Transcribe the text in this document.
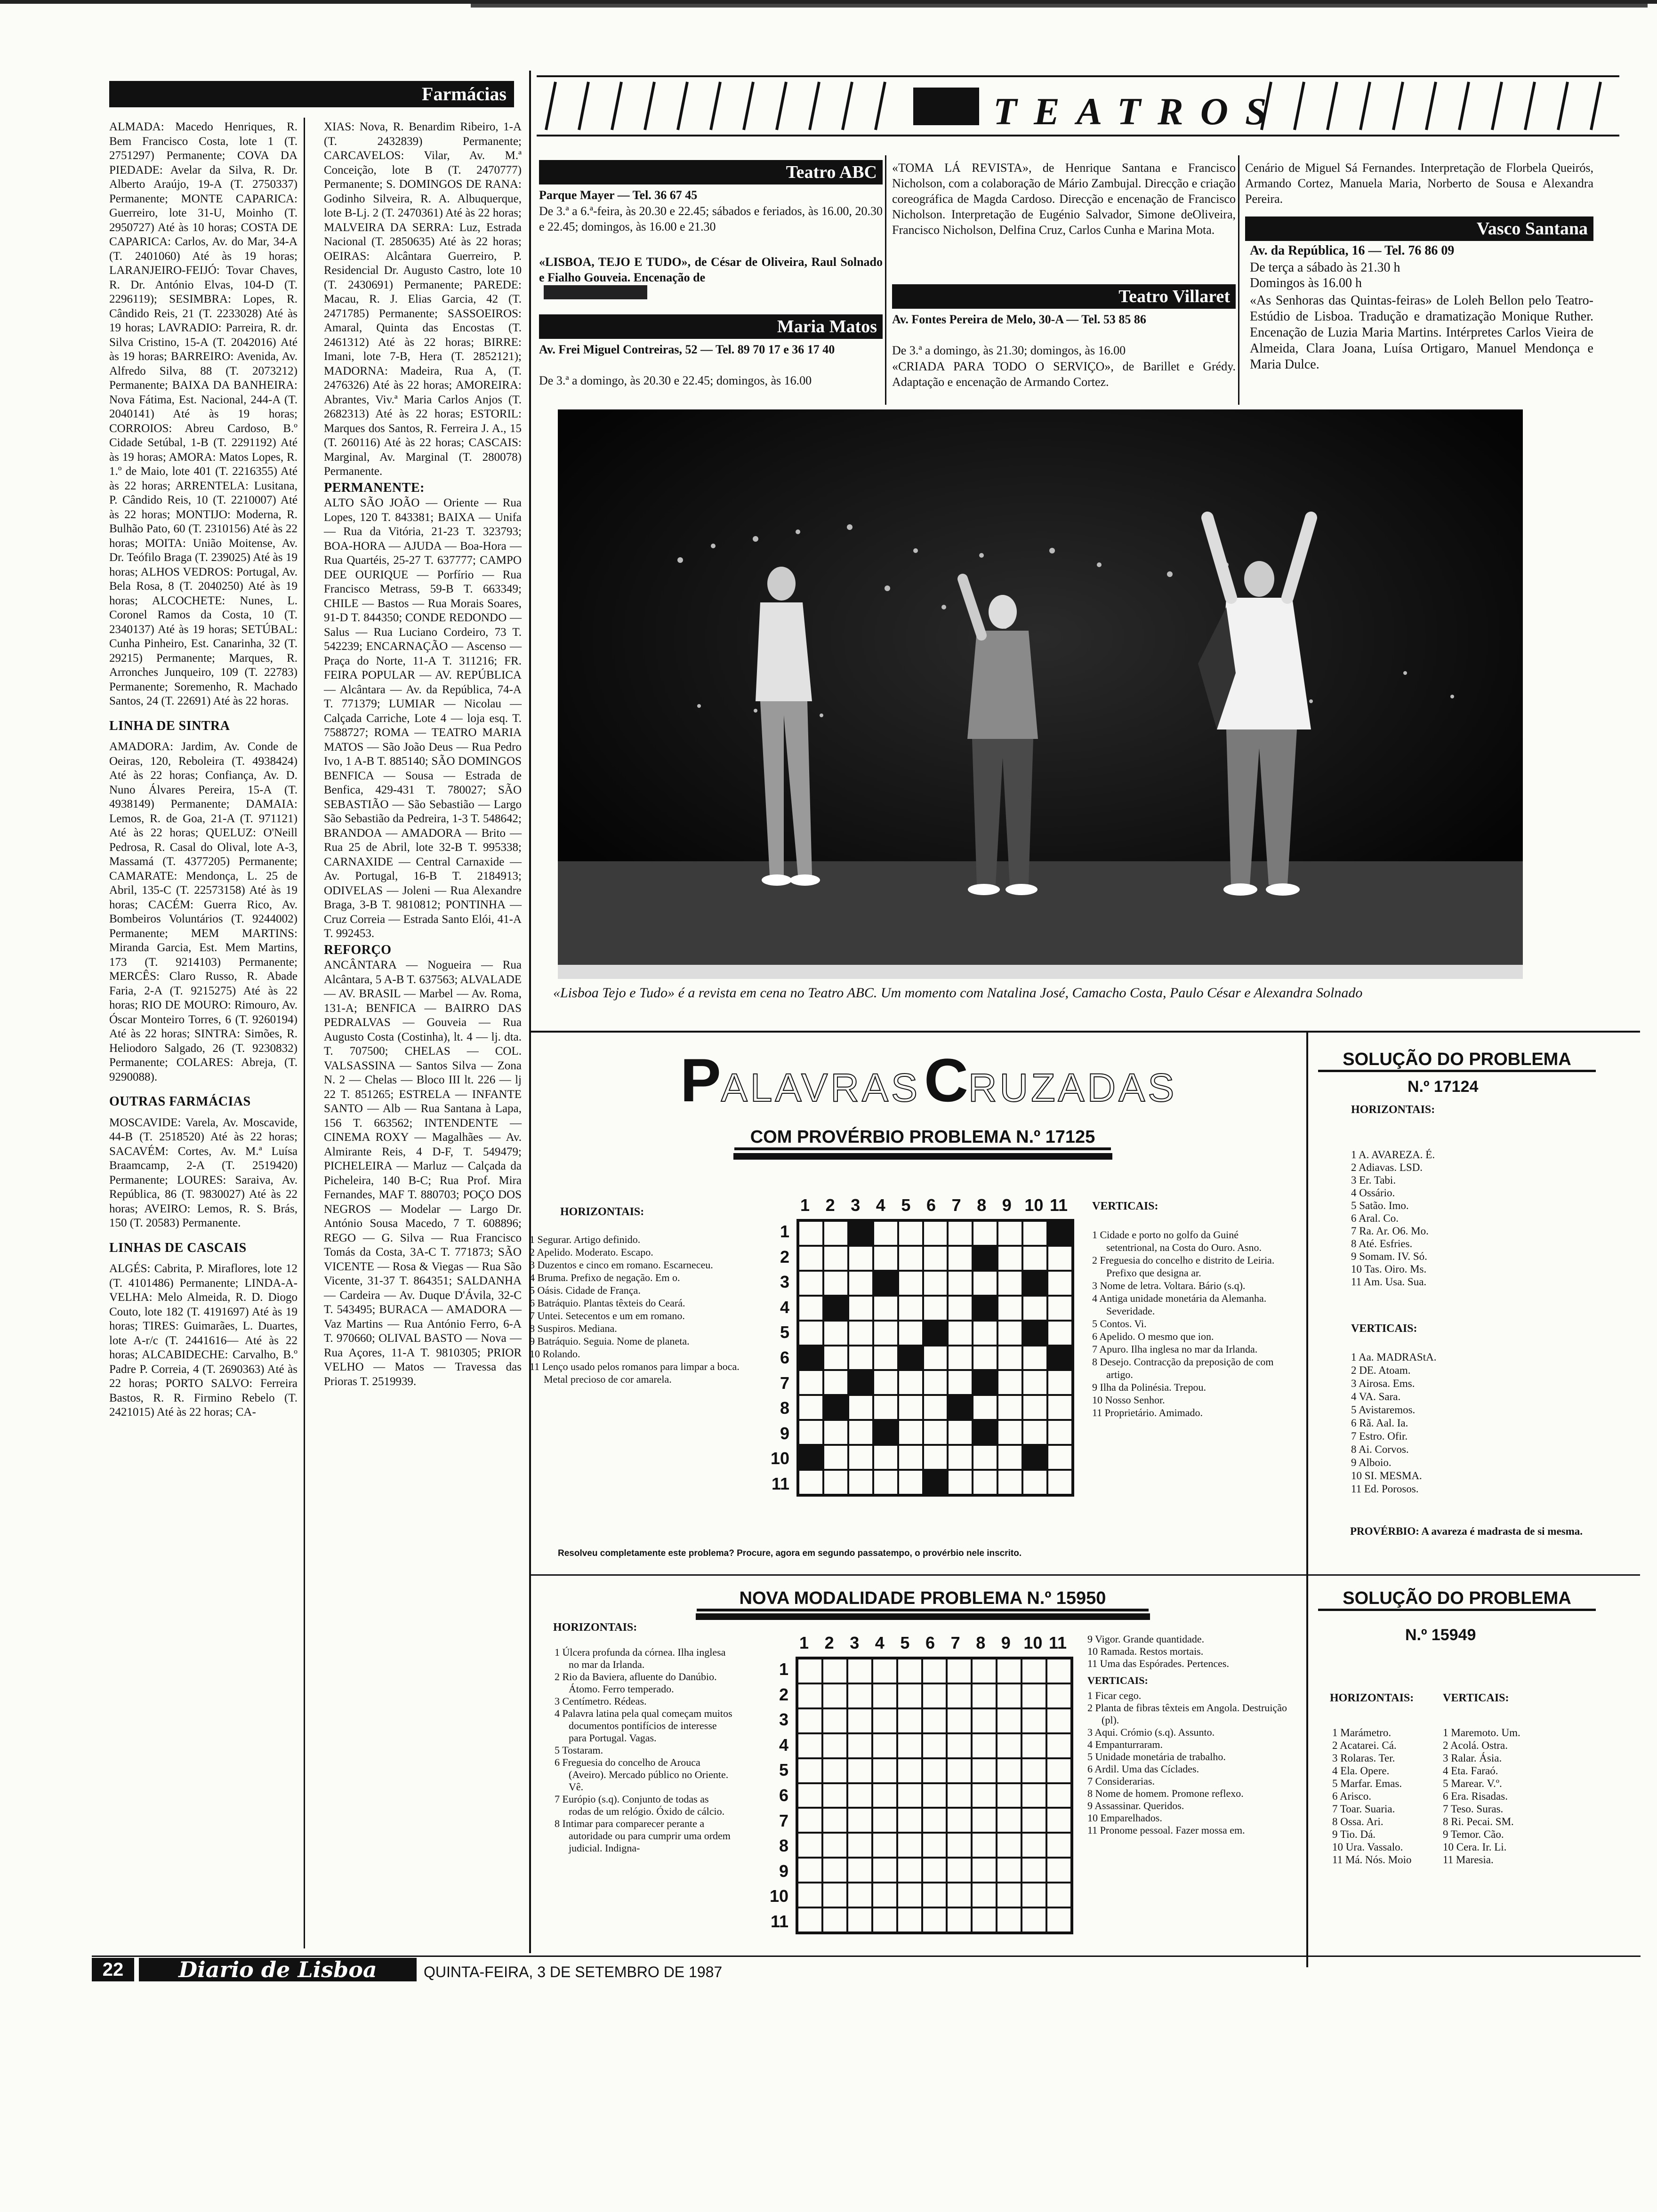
Farmácias

ALMADA: Macedo Henriques, R. Bem Francisco Costa, lote 1 (T. 2751297) Permanente; COVA DA PIEDADE: Avelar da Silva, R. Dr. Alberto Araújo, 19-A (T. 2750337) Permanente; MONTE CAPARICA: Guerreiro, lote 31-U, Moinho (T. 2950727) Até às 10 horas; COSTA DE CAPARICA: Carlos, Av. do Mar, 34-A (T. 2401060) Até às 19 horas; LARANJEIRO-FEIJÓ: Tovar Chaves, R. Dr. António Elvas, 104-D (T. 2296119); SESIMBRA: Lopes, R. Cândido Reis, 21 (T. 2233028) Até às 19 horas; LAVRADIO: Parreira, R. dr. Silva Cristino, 15-A (T. 2042016) Até às 19 horas; BARREIRO: Avenida, Av. Alfredo Silva, 88 (T. 2073212) Permanente; BAIXA DA BANHEIRA: Nova Fátima, Est. Nacional, 244-A (T. 2040141) Até às 19 horas; CORROIOS: Abreu Cardoso, B.º Cidade Setúbal, 1-B (T. 2291192) Até às 19 horas; AMORA: Matos Lopes, R. 1.º de Maio, lote 401 (T. 2216355) Até às 22 horas; ARRENTELA: Lusitana, P. Cândido Reis, 10 (T. 2210007) Até às 22 horas; MONTIJO: Moderna, R. Bulhão Pato, 60 (T. 2310156) Até às 22 horas; MOITA: União Moitense, Av. Dr. Teófilo Braga (T. 239025) Até às 19 horas; ALHOS VEDROS: Portugal, Av. Bela Rosa, 8 (T. 2040250) Até às 19 horas; ALCOCHETE: Nunes, L. Coronel Ramos da Costa, 10 (T. 2340137) Até às 19 horas; SETÚBAL: Cunha Pinheiro, Est. Canarinha, 32 (T. 29215) Permanente; Marques, R. Arronches Junqueiro, 109 (T. 22783) Permanente; Soremenho, R. Machado Santos, 24 (T. 22691) Até às 22 horas.

LINHA DE SINTRA

AMADORA: Jardim, Av. Conde de Oeiras, 120, Reboleira (T. 4938424) Até às 22 horas; Confiança, Av. D. Nuno Álvares Pereira, 15-A (T. 4938149) Permanente; DAMAIA: Lemos, R. de Goa, 21-A (T. 971121) Até às 22 horas; QUELUZ: O'Neill Pedrosa, R. Casal do Olival, lote A-3, Massamá (T. 4377205) Permanente; CAMARATE: Mendonça, L. 25 de Abril, 135-C (T. 22573158) Até às 19 horas; CACÉM: Guerra Rico, Av. Bombeiros Voluntários (T. 9244002) Permanente; MEM MARTINS: Miranda Garcia, Est. Mem Martins, 173 (T. 9214103) Permanente; MERCÊS: Claro Russo, R. Abade Faria, 2-A (T. 9215275) Até às 22 horas; RIO DE MOURO: Rimouro, Av. Óscar Monteiro Torres, 6 (T. 9260194) Até às 22 horas; SINTRA: Simões, R. Heliodoro Salgado, 26 (T. 9230832) Permanente; COLARES: Abreja, (T. 9290088).

OUTRAS FARMÁCIAS

MOSCAVIDE: Varela, Av. Moscavide, 44-B (T. 2518520) Até às 22 horas; SACAVÉM: Cortes, Av. M.ª Luísa Braamcamp, 2-A (T. 2519420) Permanente; LOURES: Saraiva, Av. República, 86 (T. 9830027) Até às 22 horas; AVEIRO: Lemos, R. S. Brás, 150 (T. 20583) Permanente.

LINHAS DE CASCAIS

ALGÉS: Cabrita, P. Miraflores, lote 12 (T. 4101486) Permanente; LINDA-A-VELHA: Melo Almeida, R. D. Diogo Couto, lote 182 (T. 4191697) Até às 19 horas; TIRES: Guimarães, L. Duartes, lote A-r/c (T. 2441616— Até às 22 horas; ALCABIDECHE: Carvalho, B.º Padre P. Correia, 4 (T. 2690363) Até às 22 horas; PORTO SALVO: Ferreira Bastos, R. R. Firmino Rebelo (T. 2421015) Até às 22 horas; CA-

XIAS: Nova, R. Benardim Ribeiro, 1-A (T. 2432839) Permanente; CARCAVELOS: Vilar, Av. M.ª Conceição, lote B (T. 2470777) Permanente; S. DOMINGOS DE RANA: Godinho Silveira, R. A. Albuquerque, lote B-Lj. 2 (T. 2470361) Até às 22 horas; MALVEIRA DA SERRA: Luz, Estrada Nacional (T. 2850635) Até às 22 horas; OEIRAS: Alcântara Guerreiro, P. Residencial Dr. Augusto Castro, lote 10 (T. 2430691) Permanente; PAREDE: Macau, R. J. Elias Garcia, 42 (T. 2471785) Permanente; SASSOEIROS: Amaral, Quinta das Encostas (T. 2461312) Até às 22 horas; BIRRE: Imani, lote 7-B, Hera (T. 2852121); MADORNA: Madeira, Rua A, (T. 2476326) Até às 22 horas; AMOREIRA: Abrantes, Viv.ª Maria Carlos Anjos (T. 2682313) Até às 22 horas; ESTORIL: Marques dos Santos, R. Ferreira J. A., 15 (T. 260116) Até às 22 horas; CASCAIS: Marginal, Av. Marginal (T. 280078) Permanente.

PERMANENTE:

ALTO SÃO JOÃO — Oriente — Rua Lopes, 120 T. 843381; BAIXA — Unifa — Rua da Vitória, 21-23 T. 323793; BOA-HORA — AJUDA — Boa-Hora — Rua Quartéis, 25-27 T. 637777; CAMPO DEE OURIQUE — Porfírio — Rua Francisco Metrass, 59-B T. 663349; CHILE — Bastos — Rua Morais Soares, 91-D T. 844350; CONDE REDONDO — Salus — Rua Luciano Cordeiro, 73 T. 542239; ENCARNAÇÃO — Ascenso — Praça do Norte, 11-A T. 311216; FR. FEIRA POPULAR — AV. REPÚBLICA — Alcântara — Av. da República, 74-A T. 771379; LUMIAR — Nicolau — Calçada Carriche, Lote 4 — loja esq. T. 7588727; ROMA — TEATRO MARIA MATOS — São João Deus — Rua Pedro Ivo, 1 A-B T. 885140; SÃO DOMINGOS BENFICA — Sousa — Estrada de Benfica, 429-431 T. 780027; SÃO SEBASTIÃO — São Sebastião — Largo São Sebastião da Pedreira, 1-3 T. 548642; BRANDOA — AMADORA — Brito — Rua 25 de Abril, lote 32-B T. 995338; CARNAXIDE — Central Carnaxide — Av. Portugal, 16-B T. 2184913; ODIVELAS — Joleni — Rua Alexandre Braga, 3-B T. 9810812; PONTINHA — Cruz Correia — Estrada Santo Elói, 41-A T. 992453.

REFORÇO

ANCÂNTARA — Nogueira — Rua Alcântara, 5 A-B T. 637563; ALVALADE — AV. BRASIL — Marbel — Av. Roma, 131-A; BENFICA — BAIRRO DAS PEDRALVAS — Gouveia — Rua Augusto Costa (Costinha), lt. 4 — lj. dta. T. 707500; CHELAS — COL. VALSASSINA — Santos Silva — Zona N. 2 — Chelas — Bloco III lt. 226 — lj 22 T. 851265; ESTRELA — INFANTE SANTO — Alb — Rua Santana à Lapa, 156 T. 663562; INTENDENTE — CINEMA ROXY — Magalhães — Av. Almirante Reis, 4 D-F, T. 549479; PICHELEIRA — Marluz — Calçada da Picheleira, 140 B-C; Rua Prof. Mira Fernandes, MAF T. 880703; POÇO DOS NEGROS — Modelar — Largo Dr. António Sousa Macedo, 7 T. 608896; REGO — G. Silva — Rua Francisco Tomás da Costa, 3A-C T. 771873; SÃO VICENTE — Rosa & Viegas — Rua São Vicente, 31-37 T. 864351; SALDANHA — Cardeira — Av. Duque D'Ávila, 32-C T. 543495; BURACA — AMADORA — Vaz Martins — Rua António Ferro, 6-A T. 970660; OLIVAL BASTO — Nova — Rua Açores, 11-A T. 9810305; PRIOR VELHO — Matos — Travessa das Prioras T. 2519939.

TEATROS
Teatro ABC
Parque Mayer — Tel. 36 67 45
De 3.ª a 6.ª-feira, às 20.30 e 22.45; sábados e feriados, às 16.00, 20.30 e 22.45; domingos, às 16.00 e 21.30
«LISBOA, TEJO E TUDO», de César de Oliveira, Raul Solnado e Fialho Gouveia. Encenação de
Maria Matos
Av. Frei Miguel Contreiras, 52 — Tel. 89 70 17 e 36 17 40
De 3.ª a domingo, às 20.30 e 22.45; domingos, às 16.00
«TOMA LÁ REVISTA», de Henrique Santana e Francisco Nicholson, com a colaboração de Mário Zambujal. Direcção e criação coreográfica de Magda Cardoso. Direcção e encenação de Francisco Nicholson. Interpretação de Eugénio Salvador, Simone deOliveira, Francisco Nicholson, Delfina Cruz, Carlos Cunha e Marina Mota.
Teatro Villaret
Av. Fontes Pereira de Melo, 30-A — Tel. 53 85 86
De 3.ª a domingo, às 21.30; domingos, às 16.00
«CRIADA PARA TODO O SERVIÇO», de Barillet e Grédy. Adaptação e encenação de Armando Cortez.
Cenário de Miguel Sá Fernandes. Interpretação de Florbela Queirós, Armando Cortez, Manuela Maria, Norberto de Sousa e Alexandra Pereira.
Vasco Santana
Av. da República, 16 — Tel. 76 86 09
De terça a sábado às 21.30 h
Domingos às 16.00 h
«As Senhoras das Quintas-feiras» de Loleh Bellon pelo Teatro-Estúdio de Lisboa. Tradução e dramatização Monique Ruther. Encenação de Luzia Maria Martins. Intérpretes Carlos Vieira de Almeida, Clara Joana, Luísa Ortigaro, Manuel Mendonça e Maria Dulce.
«Lisboa Tejo e Tudo» é a revista em cena no Teatro ABC. Um momento com Natalina José, Camacho Costa, Paulo César e Alexandra Solnado
PALAVRASCRUZADAS
COM PROVÉRBIO PROBLEMA N.º 17125
HORIZONTAIS:
1 Segurar. Artigo definido.
2 Apelido. Moderato. Escapo.
3 Duzentos e cinco em romano. Escarneceu.
4 Bruma. Prefixo de negação. Em o.
5 Oásis. Cidade de França.
6 Batráquio. Plantas têxteis do Ceará.
7 Untei. Setecentos e um em romano.
8 Suspiros. Mediana.
9 Batráquio. Seguia. Nome de planeta.
10 Rolando.
11 Lenço usado pelos romanos para limpar a boca. Metal precioso de cor amarela.
1 2 3 4 5 6 7 8 9 10 11
1
2
3
4
5
6
7
8
9
10
11
VERTICAIS:
1 Cidade e porto no golfo da Guiné setentrional, na Costa do Ouro. Asno.
2 Freguesia do concelho e distrito de Leiria. Prefixo que designa ar.
3 Nome de letra. Voltara. Bário (s.q).
4 Antiga unidade monetária da Alemanha. Severidade.
5 Contos. Vi.
6 Apelido. O mesmo que ion.
7 Apuro. Ilha inglesa no mar da Irlanda.
8 Desejo. Contracção da preposição de com artigo.
9 Ilha da Polinésia. Trepou.
10 Nosso Senhor.
11 Proprietário. Amimado.
Resolveu completamente este problema? Procure, agora em segundo passatempo, o provérbio nele inscrito.
SOLUÇÃO DO PROBLEMA
N.º 17124
HORIZONTAIS:
1 A. AVAREZA. É.
2 Adiavas. LSD.
3 Er. Tabi.
4 Ossário.
5 Satão. Imo.
6 Aral. Co.
7 Ra. Ar. O6. Mo.
8 Até. Esfries.
9 Somam. IV. Só.
10 Tas. Oiro. Ms.
11 Am. Usa. Sua.
VERTICAIS:
1 Aa. MADRAStA.
2 DE. Atoam.
3 Airosa. Ems.
4 VA. Sara.
5 Avistaremos.
6 Rã. Aal. Ia.
7 Estro. Ofir.
8 Ai. Corvos.
9 Alboio.
10 SI. MESMA.
11 Ed. Porosos.
PROVÉRBIO: A avareza é madrasta de si mesma.
NOVA MODALIDADE PROBLEMA N.º 15950
HORIZONTAIS:
1 Úlcera profunda da córnea. Ilha inglesa no mar da Irlanda.
2 Rio da Baviera, afluente do Danúbio. Átomo. Ferro temperado.
3 Centímetro. Rédeas.
4 Palavra latina pela qual começam muitos documentos pontifícios de interesse para Portugal. Vagas.
5 Tostaram.
6 Freguesia do concelho de Arouca (Aveiro). Mercado público no Oriente. Vê.
7 Európio (s.q). Conjunto de todas as rodas de um relógio. Óxido de cálcio.
8 Intimar para comparecer perante a autoridade ou para cumprir uma ordem judicial. Indigna-
1 2 3 4 5 6 7 8 9 10 11
1
2
3
4
5
6
7
8
9
10
11
9 Vigor. Grande quantidade.
10 Ramada. Restos mortais.
11 Uma das Espórades. Pertences.
VERTICAIS:
1 Ficar cego.
2 Planta de fibras têxteis em Angola. Destruição (pl).
3 Aqui. Crómio (s.q). Assunto.
4 Empanturraram.
5 Unidade monetária de trabalho.
6 Ardil. Uma das Cíclades.
7 Considerarias.
8 Nome de homem. Promone reflexo.
9 Assassinar. Queridos.
10 Emparelhados.
11 Pronome pessoal. Fazer mossa em.
SOLUÇÃO DO PROBLEMA
N.º 15949
HORIZONTAIS:	VERTICAIS:
1 Marámetro.
2 Acatarei. Cá.
3 Rolaras. Ter.
4 Ela. Opere.
5 Marfar. Emas.
6 Arisco.
7 Toar. Suaria.
8 Ossa. Ari.
9 Tio. Dá.
10 Ura. Vassalo.
11 Má. Nós. Moio
1 Maremoto. Um.
2 Acolá. Ostra.
3 Ralar. Ásia.
4 Eta. Faraó.
5 Marear. V.º.
6 Era. Risadas.
7 Teso. Suras.
8 Ri. Pecai. SM.
9 Temor. Cão.
10 Cera. Ir. Li.
11 Maresia.
22	Diario de Lisboa	QUINTA-FEIRA, 3 DE SETEMBRO DE 1987
